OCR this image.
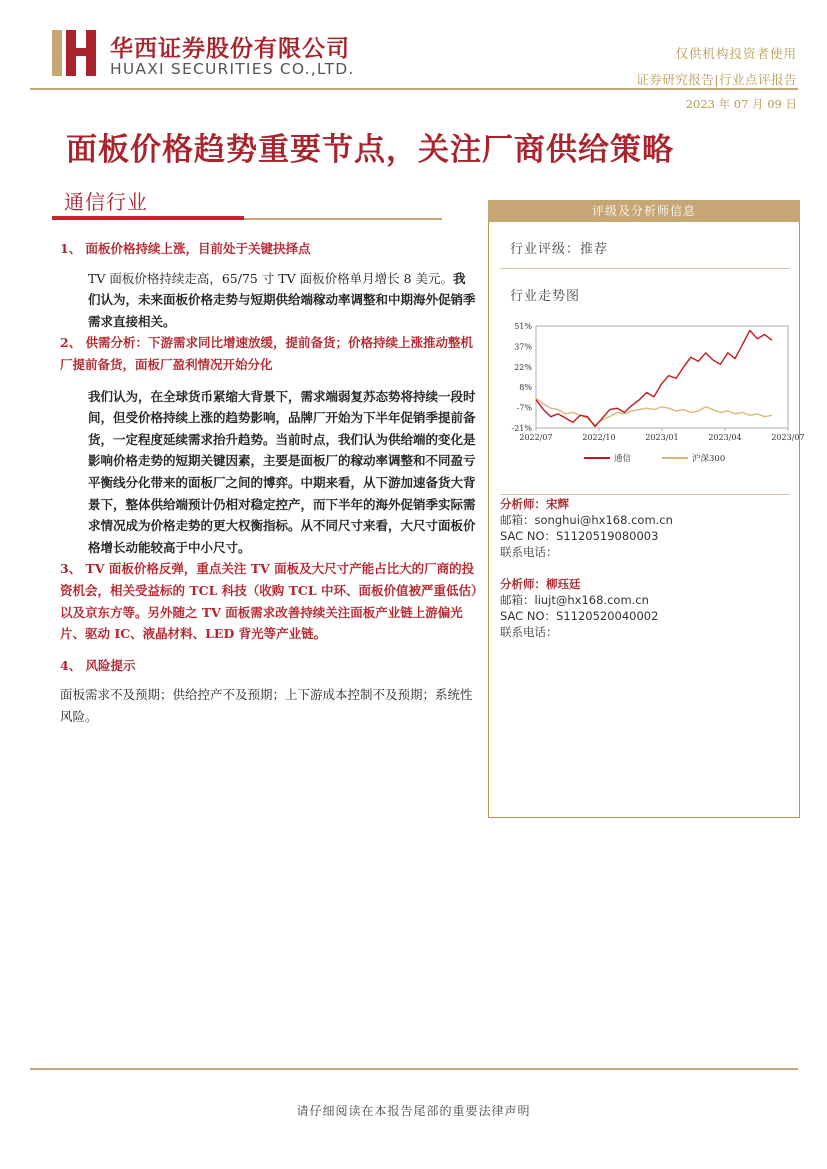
华西证券股份有限公司
HUAXI SECURITIES CO.,LTD.
仅供机构投资者使用
证券研究报告|行业点评报告
2023 年 07 月 09 日
面板价格趋势重要节点，关注厂商供给策略
通信行业

1、 面板价格持续上涨，目前处于关键抉择点

TV 面板价格持续走高，65/75 寸 TV 面板价格单月增长 8 美元。我们认为，未来面板价格走势与短期供给端稼动率调整和中期海外促销季需求直接相关。

2、 供需分析：下游需求同比增速放缓，提前备货；价格持续上涨推动整机厂提前备货，面板厂盈利情况开始分化

我们认为，在全球货币紧缩大背景下，需求端弱复苏态势将持续一段时间，但受价格持续上涨的趋势影响，品牌厂开始为下半年促销季提前备货，一定程度延续需求抬升趋势。当前时点，我们认为供给端的变化是影响价格走势的短期关键因素，主要是面板厂的稼动率调整和不同盈亏平衡线分化带来的面板厂之间的博弈。中期来看，从下游加速备货大背景下，整体供给端预计仍相对稳定控产，而下半年的海外促销季实际需求情况成为价格走势的更大权衡指标。从不同尺寸来看，大尺寸面板价格增长动能较高于中小尺寸。

3、 TV 面板价格反弹，重点关注 TV 面板及大尺寸产能占比大的厂商的投资机会，相关受益标的 TCL 科技（收购 TCL 中环、面板价值被严重低估）以及京东方等。另外随之 TV 面板需求改善持续关注面板产业链上游偏光片、驱动 IC、液晶材料、LED 背光等产业链。

4、 风险提示

面板需求不及预期；供给控产不及预期；上下游成本控制不及预期；系统性风险。

评级及分析师信息
行业评级：推荐
行业走势图
51%
37%
22%
8%
-7%
-21%
2022/07	2022/10	2023/01	2023/04	2023/07
通信	沪深300
分析师：宋辉
邮箱：songhui@hx168.com.cn
SAC NO：S1120519080003
联系电话：
分析师：柳珏廷
邮箱：liujt@hx168.com.cn
SAC NO：S1120520040002
联系电话：
请仔细阅读在本报告尾部的重要法律声明
